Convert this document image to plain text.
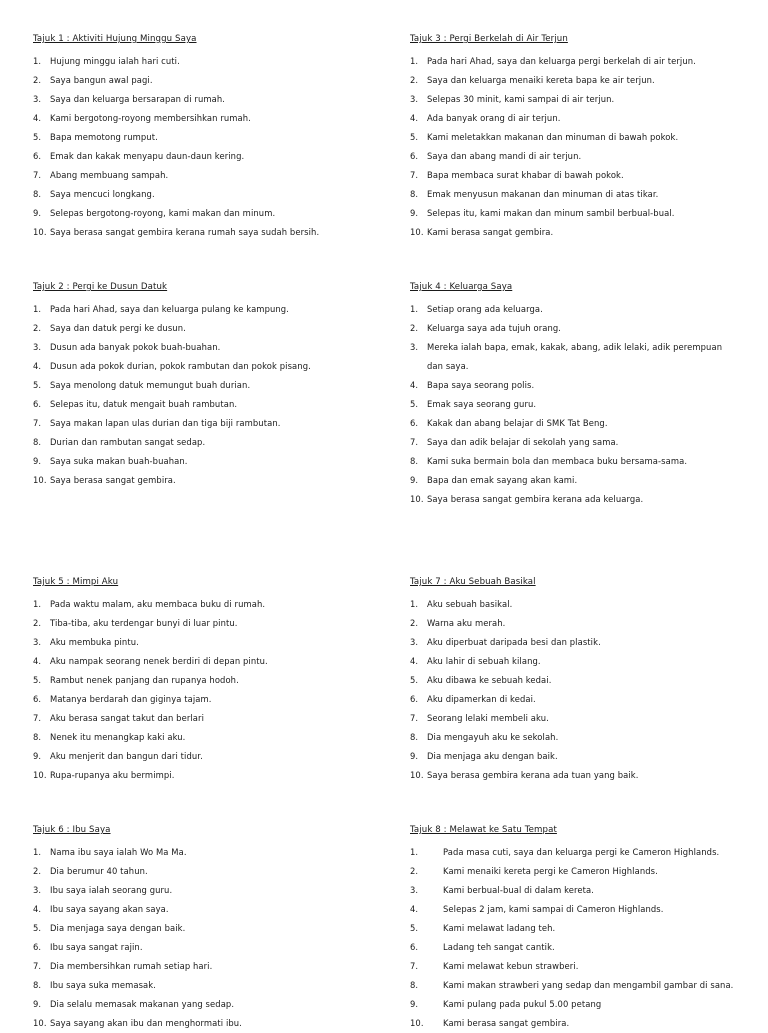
Tajuk 1 : Aktiviti Hujung Minggu Saya
1.	Hujung minggu ialah hari cuti.
2.	Saya bangun awal pagi.
3.	Saya dan keluarga bersarapan di rumah.
4.	Kami bergotong-royong membersihkan rumah.
5.	Bapa memotong rumput.
6.	Emak dan kakak menyapu daun-daun kering.
7.	Abang membuang sampah.
8.	Saya mencuci longkang.
9.	Selepas bergotong-royong, kami makan dan minum.
10. Saya berasa sangat gembira kerana rumah saya sudah bersih.
Tajuk 3 : Pergi Berkelah di Air Terjun
1.	Pada hari Ahad, saya dan keluarga pergi berkelah di air terjun.
2.	Saya dan keluarga menaiki kereta bapa ke air terjun.
3.	Selepas 30 minit, kami sampai di air terjun.
4.	Ada banyak orang di air terjun.
5.	Kami meletakkan makanan dan minuman di bawah pokok.
6.	Saya dan abang mandi di air terjun.
7.	Bapa membaca surat khabar di bawah pokok.
8.	Emak menyusun makanan dan minuman di atas tikar.
9.	Selepas itu, kami makan dan minum sambil berbual-bual.
10. Kami berasa sangat gembira.
Tajuk 2 : Pergi ke Dusun Datuk
1.	Pada hari Ahad, saya dan keluarga pulang ke kampung.
2.	Saya dan datuk pergi ke dusun.
3.	Dusun ada banyak pokok buah-buahan.
4.	Dusun ada pokok durian, pokok rambutan dan pokok pisang.
5.	Saya menolong datuk memungut buah durian.
6.	Selepas itu, datuk mengait buah rambutan.
7.	Saya makan lapan ulas durian dan tiga biji rambutan.
8.	Durian dan rambutan sangat sedap.
9.	Saya suka makan buah-buahan.
10. Saya berasa sangat gembira.
Tajuk 4 : Keluarga Saya
1.	Setiap orang ada keluarga.
2.	Keluarga saya ada tujuh orang.
3.	Mereka ialah bapa, emak, kakak, abang, adik lelaki, adik perempuan dan saya.
4.	Bapa saya seorang polis.
5.	Emak saya seorang guru.
6.	Kakak dan abang belajar di SMK Tat Beng.
7.	Saya dan adik belajar di sekolah yang sama.
8.	Kami suka bermain bola dan membaca buku bersama-sama.
9.	Bapa dan emak sayang akan kami.
10. Saya berasa sangat gembira kerana ada keluarga.
Tajuk 5 : Mimpi Aku
1.	Pada waktu malam, aku membaca buku di rumah.
2.	Tiba-tiba, aku terdengar bunyi di luar pintu.
3.	Aku membuka pintu.
4.	Aku nampak seorang nenek berdiri di depan pintu.
5.	Rambut nenek panjang dan rupanya hodoh.
6.	Matanya berdarah dan giginya tajam.
7.	Aku berasa sangat takut dan berlari
8.	Nenek itu menangkap kaki aku.
9.	Aku menjerit dan bangun dari tidur.
10. Rupa-rupanya aku bermimpi.
Tajuk 7 : Aku Sebuah Basikal
1.	Aku sebuah basikal.
2.	Warna aku merah.
3.	Aku diperbuat daripada besi dan plastik.
4.	Aku lahir di sebuah kilang.
5.	Aku dibawa ke sebuah kedai.
6.	Aku dipamerkan di kedai.
7.	Seorang lelaki membeli aku.
8.	Dia mengayuh aku ke sekolah.
9.	Dia menjaga aku dengan baik.
10. Saya berasa gembira kerana ada tuan yang baik.
Tajuk 6 : Ibu Saya
1.	Nama ibu saya ialah Wo Ma Ma.
2.	Dia berumur 40 tahun.
3.	Ibu saya ialah seorang guru.
4.	Ibu saya sayang akan saya.
5.	Dia menjaga saya dengan baik.
6.	Ibu saya sangat rajin.
7.	Dia membersihkan rumah setiap hari.
8.	Ibu saya suka memasak.
9.	Dia selalu memasak makanan yang sedap.
10. Saya sayang akan ibu dan menghormati ibu.
Tajuk 8 : Melawat ke Satu Tempat
1.	Pada masa cuti, saya dan keluarga pergi ke Cameron Highlands.
2.	Kami menaiki kereta pergi ke Cameron Highlands.
3.	Kami berbual-bual di dalam kereta.
4.	Selepas 2 jam, kami sampai di Cameron Highlands.
5.	Kami melawat ladang teh.
6.	Ladang teh sangat cantik.
7.	Kami melawat kebun strawberi.
8.	Kami makan strawberi yang sedap dan mengambil gambar di sana.
9.	Kami pulang pada pukul 5.00 petang
10.	Kami berasa sangat gembira.
